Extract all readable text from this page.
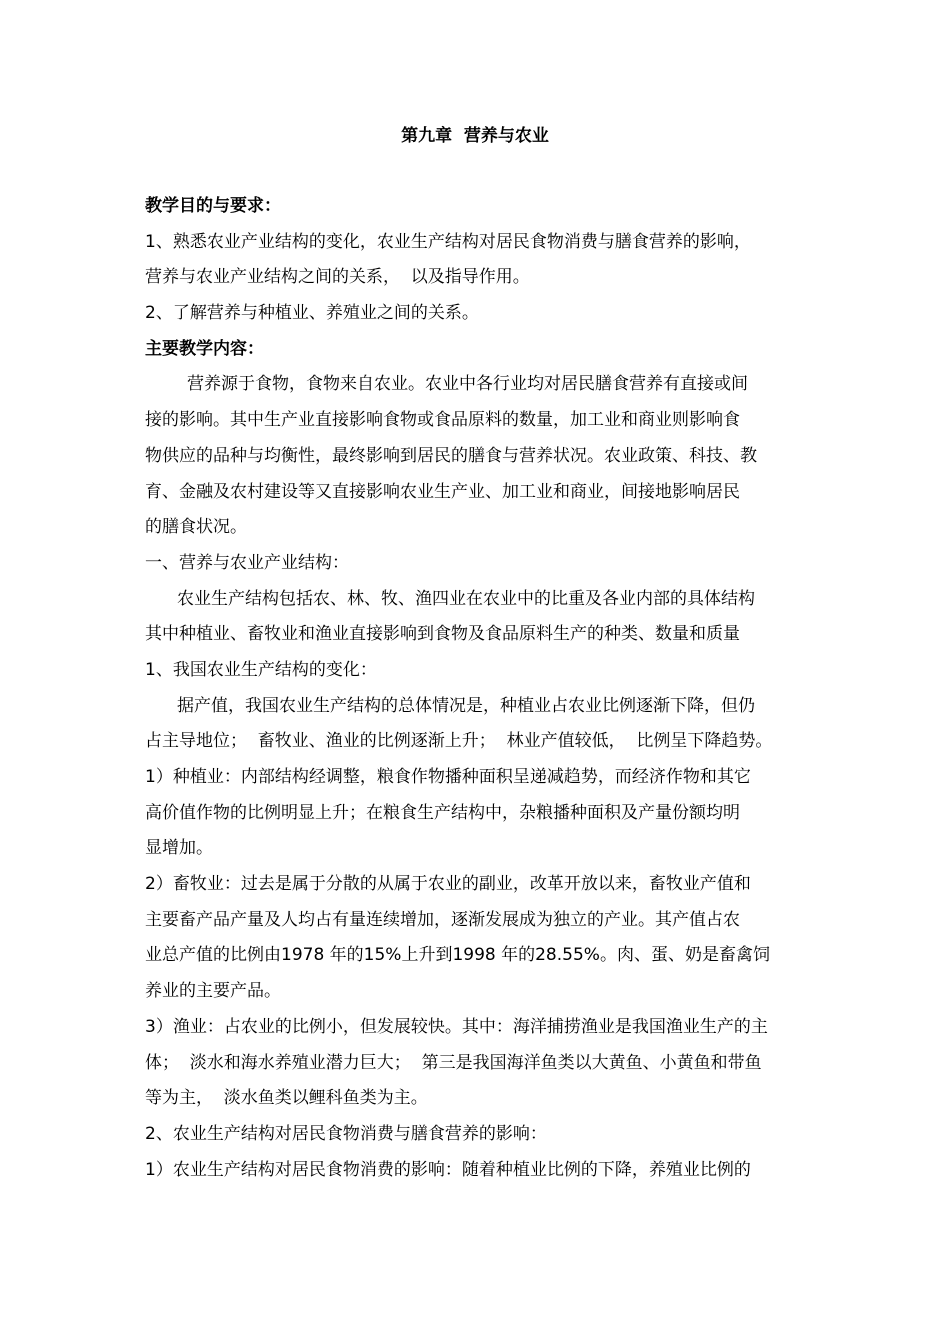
第九章  营养与农业
教学目的与要求：
1、熟悉农业产业结构的变化，农业生产结构对居民食物消费与膳食营养的影响，
营养与农业产业结构之间的关系，  以及指导作用。
2、了解营养与种植业、养殖业之间的关系。
主要教学内容：
营养源于食物，食物来自农业。农业中各行业均对居民膳食营养有直接或间
接的影响。其中生产业直接影响食物或食品原料的数量，加工业和商业则影响食
物供应的品种与均衡性，最终影响到居民的膳食与营养状况。农业政策、科技、教
育、金融及农村建设等又直接影响农业生产业、加工业和商业，间接地影响居民
的膳食状况。
一、营养与农业产业结构：
农业生产结构包括农、林、牧、渔四业在农业中的比重及各业内部的具体结构
其中种植业、畜牧业和渔业直接影响到食物及食品原料生产的种类、数量和质量
1、我国农业生产结构的变化：
据产值，我国农业生产结构的总体情况是，种植业占农业比例逐渐下降，但仍
占主导地位；  畜牧业、渔业的比例逐渐上升；  林业产值较低，  比例呈下降趋势。
1）种植业：内部结构经调整，粮食作物播种面积呈递减趋势，而经济作物和其它
高价值作物的比例明显上升；在粮食生产结构中，杂粮播种面积及产量份额均明
显增加。
2）畜牧业：过去是属于分散的从属于农业的副业，改革开放以来，畜牧业产值和
主要畜产品产量及人均占有量连续增加，逐渐发展成为独立的产业。其产值占农
业总产值的比例由1978 年的15%上升到1998 年的28.55%。肉、蛋、奶是畜禽饲
养业的主要产品。
3）渔业：占农业的比例小，但发展较快。其中：海洋捕捞渔业是我国渔业生产的主
体；  淡水和海水养殖业潜力巨大；  第三是我国海洋鱼类以大黄鱼、小黄鱼和带鱼
等为主，  淡水鱼类以鲤科鱼类为主。
2、农业生产结构对居民食物消费与膳食营养的影响：
1）农业生产结构对居民食物消费的影响：随着种植业比例的下降，养殖业比例的
